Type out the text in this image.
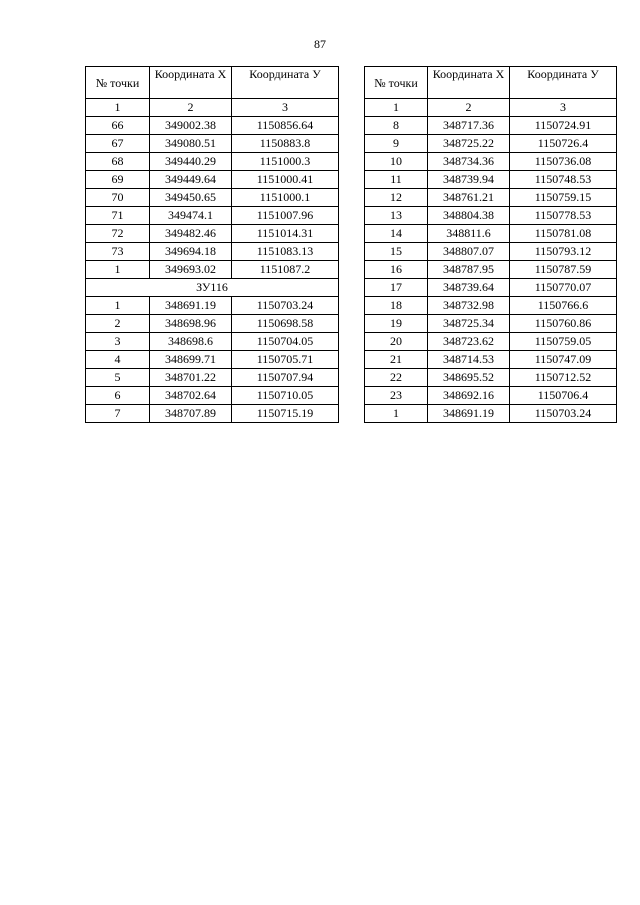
87
№ точки	Координата Х	Координата У
1	2	3
66	349002.38	1150856.64
67	349080.51	1150883.8
68	349440.29	1151000.3
69	349449.64	1151000.41
70	349450.65	1151000.1
71	349474.1	1151007.96
72	349482.46	1151014.31
73	349694.18	1151083.13
1	349693.02	1151087.2
ЗУ116		
1	348691.19	1150703.24
2	348698.96	1150698.58
3	348698.6	1150704.05
4	348699.71	1150705.71
5	348701.22	1150707.94
6	348702.64	1150710.05
7	348707.89	1150715.19
№ точки	Координата Х	Координата У
1	2	3
8	348717.36	1150724.91
9	348725.22	1150726.4
10	348734.36	1150736.08
11	348739.94	1150748.53
12	348761.21	1150759.15
13	348804.38	1150778.53
14	348811.6	1150781.08
15	348807.07	1150793.12
16	348787.95	1150787.59
17	348739.64	1150770.07
18	348732.98	1150766.6
19	348725.34	1150760.86
20	348723.62	1150759.05
21	348714.53	1150747.09
22	348695.52	1150712.52
23	348692.16	1150706.4
1	348691.19	1150703.24
